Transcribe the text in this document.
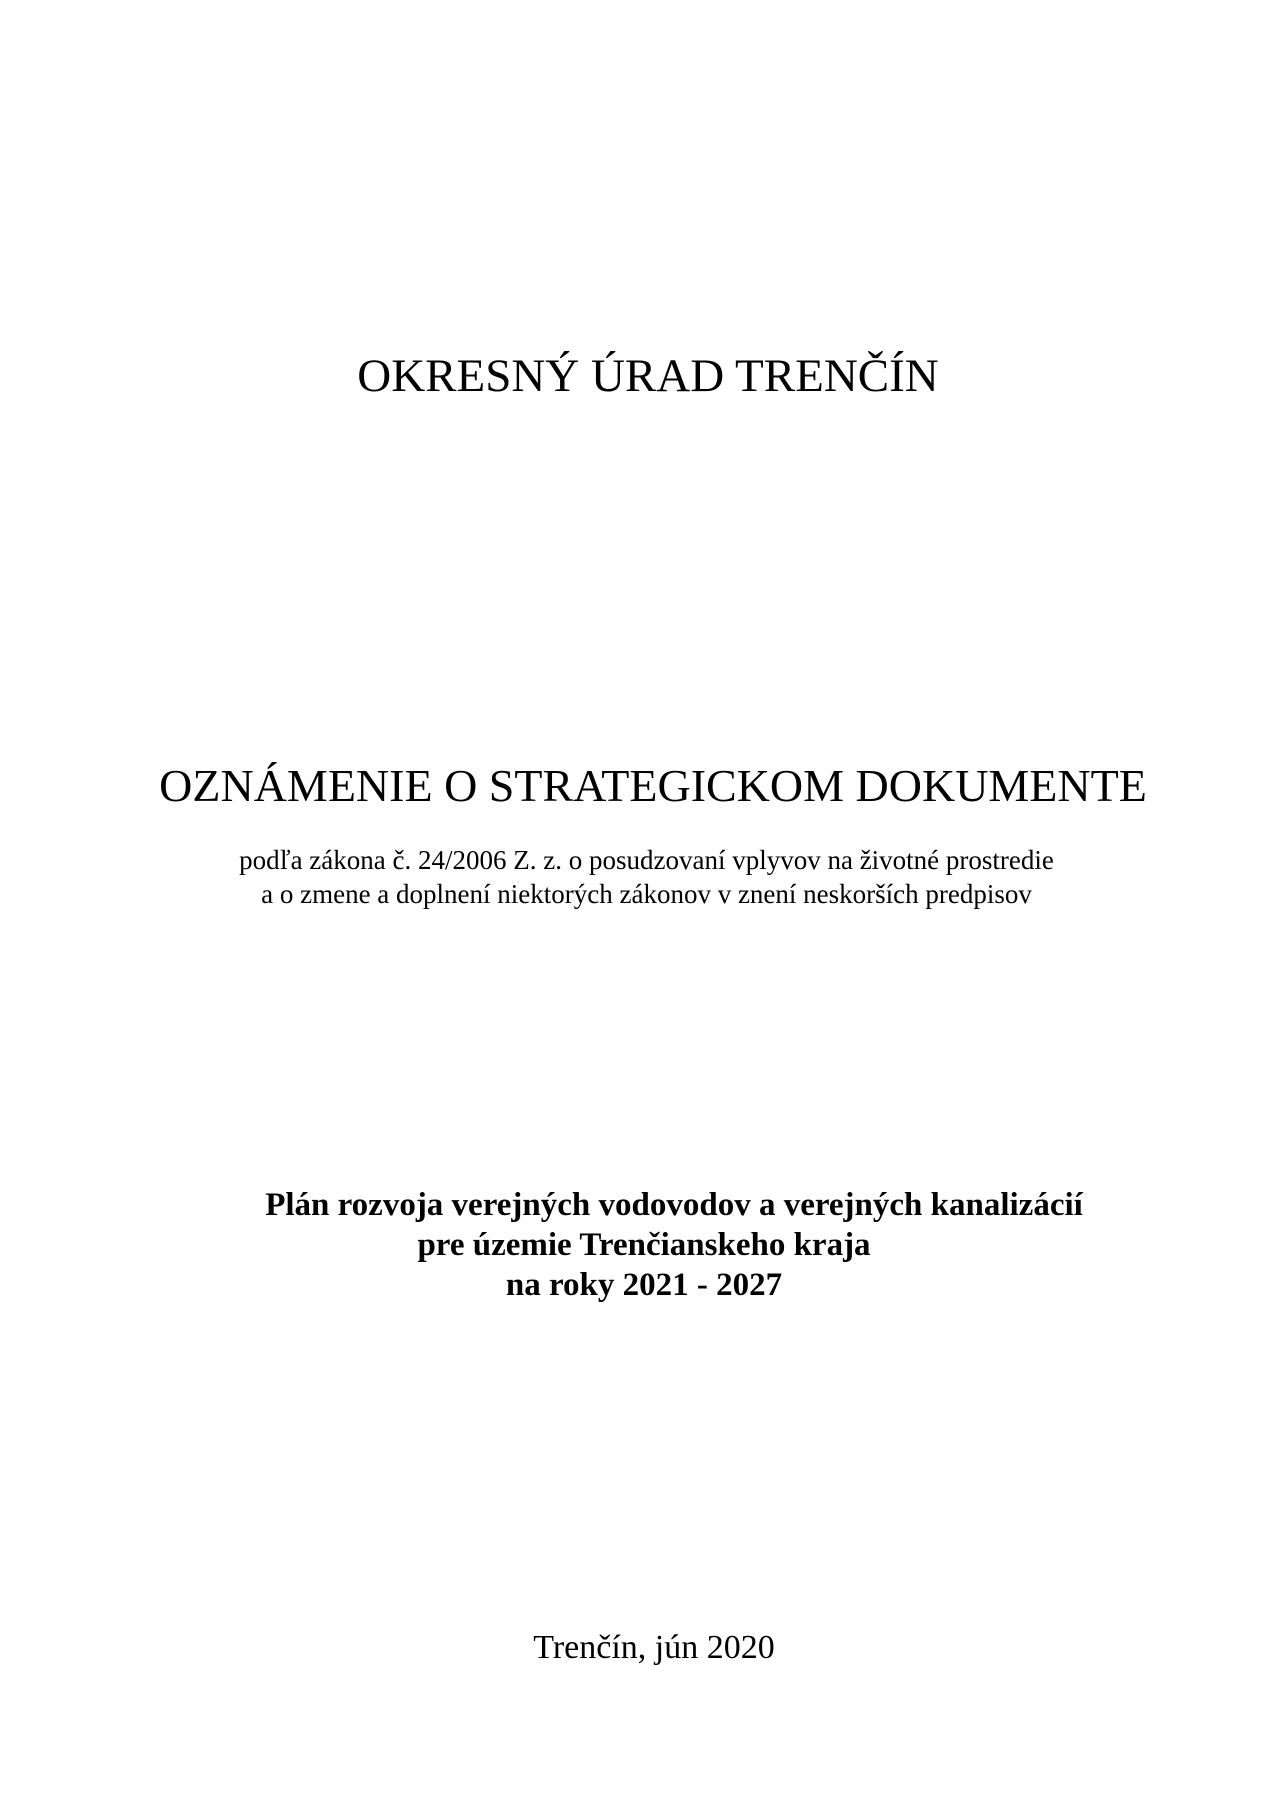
OKRESNÝ ÚRAD TRENČÍN
OZNÁMENIE O STRATEGICKOM DOKUMENTE
podľa zákona č. 24/2006 Z. z. o posudzovaní vplyvov na životné prostredie
a o zmene a doplnení niektorých zákonov v znení neskorších predpisov
Plán rozvoja verejných vodovodov a verejných kanalizácií
pre územie Trenčianskeho kraja
na roky 2021 - 2027
Trenčín, jún 2020
